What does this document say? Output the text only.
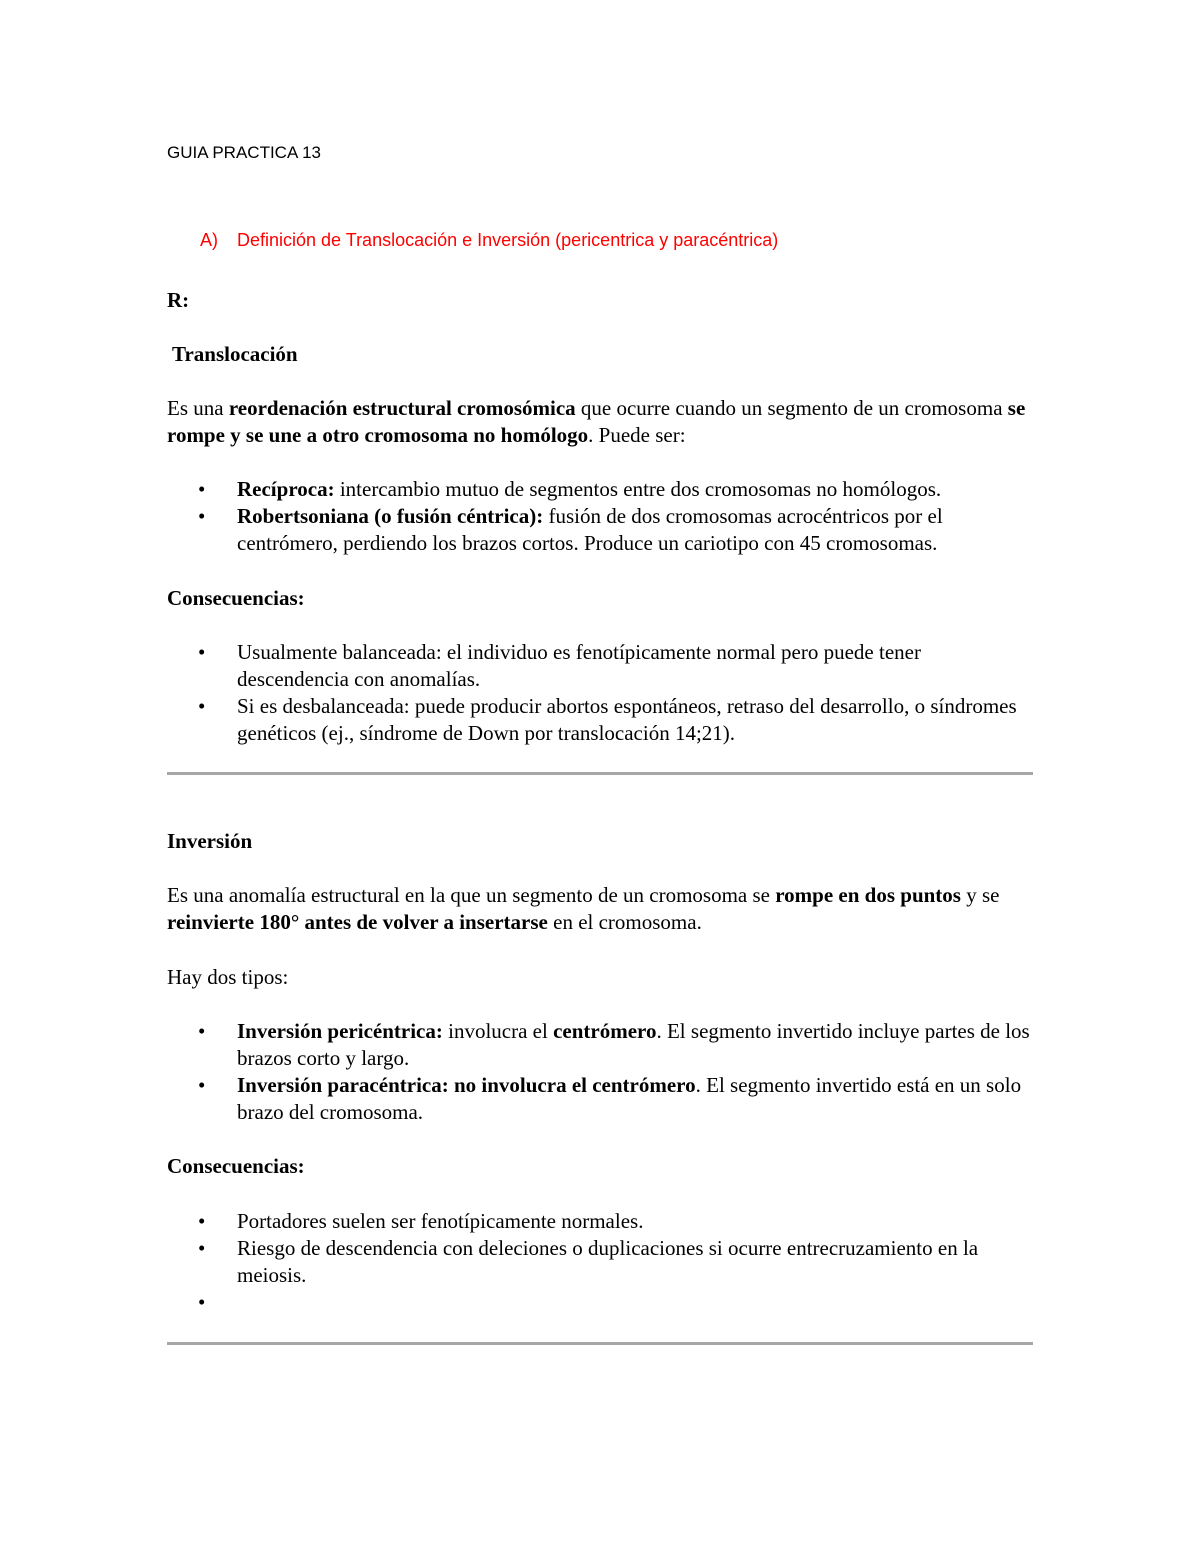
GUIA PRACTICA 13
A) Definición de Translocación e Inversión (pericentrica y paracéntrica)
R:
Translocación
Es una reordenación estructural cromosómica que ocurre cuando un segmento de un cromosoma se rompe y se une a otro cromosoma no homólogo. Puede ser:
• Recíproca: intercambio mutuo de segmentos entre dos cromosomas no homólogos.
• Robertsoniana (o fusión céntrica): fusión de dos cromosomas acrocéntricos por el centrómero, perdiendo los brazos cortos. Produce un cariotipo con 45 cromosomas.
Consecuencias:
• Usualmente balanceada: el individuo es fenotípicamente normal pero puede tener descendencia con anomalías.
• Si es desbalanceada: puede producir abortos espontáneos, retraso del desarrollo, o síndromes genéticos (ej., síndrome de Down por translocación 14;21).
Inversión
Es una anomalía estructural en la que un segmento de un cromosoma se rompe en dos puntos y se reinvierte 180° antes de volver a insertarse en el cromosoma.
Hay dos tipos:
• Inversión pericéntrica: involucra el centrómero. El segmento invertido incluye partes de los brazos corto y largo.
• Inversión paracéntrica: no involucra el centrómero. El segmento invertido está en un solo brazo del cromosoma.
Consecuencias:
• Portadores suelen ser fenotípicamente normales.
• Riesgo de descendencia con deleciones o duplicaciones si ocurre entrecruzamiento en la meiosis.
•
